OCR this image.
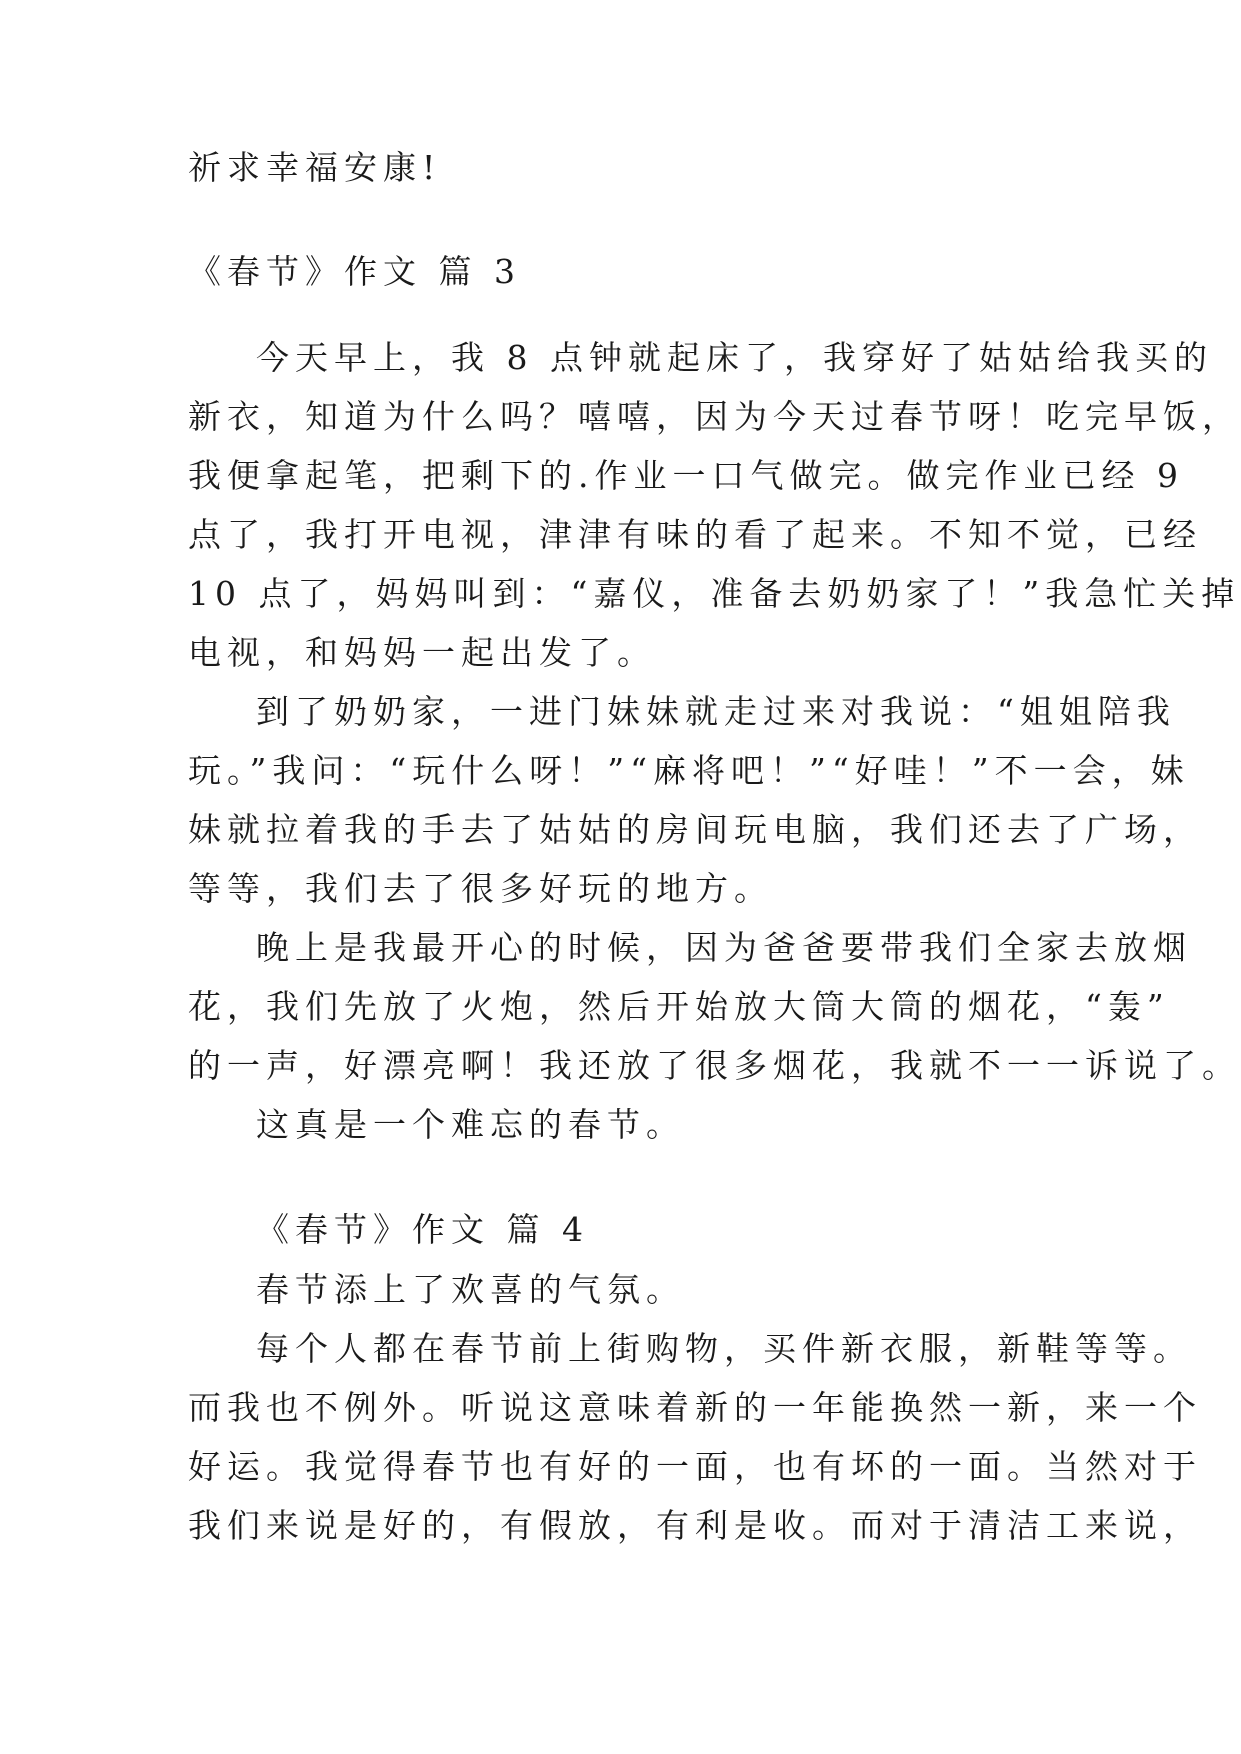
祈求幸福安康!
《春节》作文 篇 3
今天早上，我 8 点钟就起床了，我穿好了姑姑给我买的
新衣，知道为什么吗？嘻嘻，因为今天过春节呀！吃完早饭，
我便拿起笔，把剩下的.作业一口气做完。做完作业已经 9
点了，我打开电视，津津有味的看了起来。不知不觉，已经
10 点了，妈妈叫到：“嘉仪，准备去奶奶家了！”我急忙关掉
电视，和妈妈一起出发了。
到了奶奶家，一进门妹妹就走过来对我说：“姐姐陪我
玩。”我问：“玩什么呀！”“麻将吧！”“好哇！”不一会，妹
妹就拉着我的手去了姑姑的房间玩电脑，我们还去了广场，
等等，我们去了很多好玩的地方。
晚上是我最开心的时候，因为爸爸要带我们全家去放烟
花，我们先放了火炮，然后开始放大筒大筒的烟花，“轰”
的一声，好漂亮啊！我还放了很多烟花，我就不一一诉说了。
这真是一个难忘的春节。
《春节》作文 篇 4
春节添上了欢喜的气氛。
每个人都在春节前上街购物，买件新衣服，新鞋等等。
而我也不例外。听说这意味着新的一年能换然一新，来一个
好运。我觉得春节也有好的一面，也有坏的一面。当然对于
我们来说是好的，有假放，有利是收。而对于清洁工来说，
